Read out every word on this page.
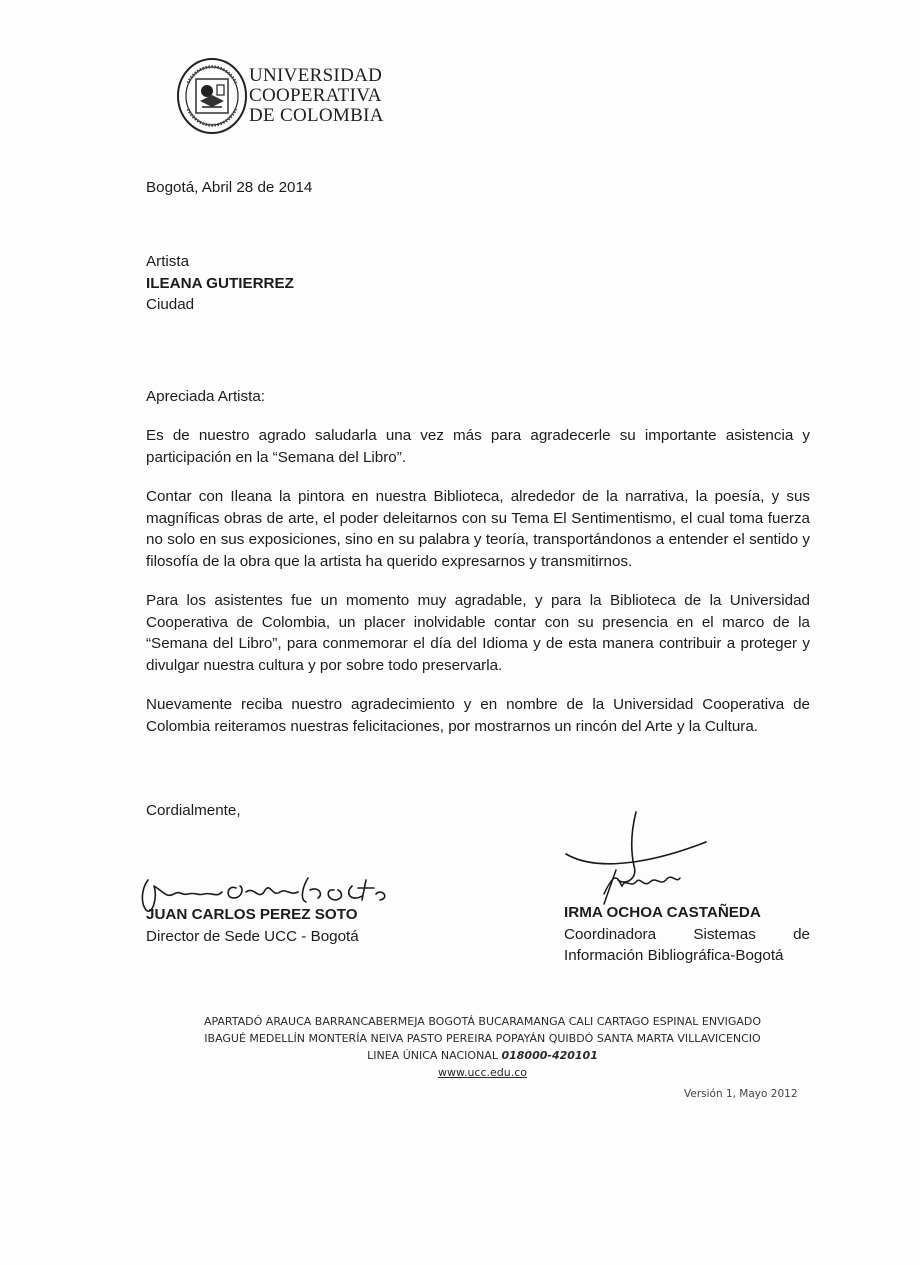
UNIVERSIDAD
COOPERATIVA
DE COLOMBIA
Bogotá, Abril 28 de 2014
Artista
ILEANA GUTIERREZ
Ciudad
Apreciada Artista:

Es de nuestro agrado saludarla una vez más para agradecerle su importante asistencia y participación en la “Semana del Libro”.

Contar con Ileana la pintora en nuestra Biblioteca, alrededor de la narrativa, la poesía, y sus magníficas obras de arte, el poder deleitarnos con su Tema El Sentimentismo, el cual toma fuerza no solo en sus exposiciones, sino en su palabra y teoría, transportándonos a entender el sentido y filosofía de la obra que la artista ha querido expresarnos y transmitirnos.

Para los asistentes fue un momento muy agradable, y para la Biblioteca de la Universidad Cooperativa de Colombia, un placer inolvidable contar con su presencia en el marco de la “Semana del Libro”, para conmemorar el día del Idioma y de esta manera contribuir a proteger y divulgar nuestra cultura y por sobre todo preservarla.

Nuevamente reciba nuestro agradecimiento y en nombre de la Universidad Cooperativa de Colombia reiteramos nuestras felicitaciones, por mostrarnos un rincón del Arte y la Cultura.

Cordialmente,
JUAN CARLOS PEREZ SOTO
Director de Sede UCC - Bogotá
IRMA OCHOA CASTAÑEDA
Coordinadora Sistemas de
Información Bibliográfica-Bogotá
APARTADÓ ARAUCA BARRANCABERMEJA BOGOTÁ BUCARAMANGA CALI CARTAGO ESPINAL ENVIGADO
IBAGUÉ MEDELLÍN MONTERÍA NEIVA PASTO PEREIRA POPAYÁN QUIBDÓ SANTA MARTA VILLAVICENCIO
LINEA ÚNICA NACIONAL 018000-420101
www.ucc.edu.co
Versión 1, Mayo 2012
